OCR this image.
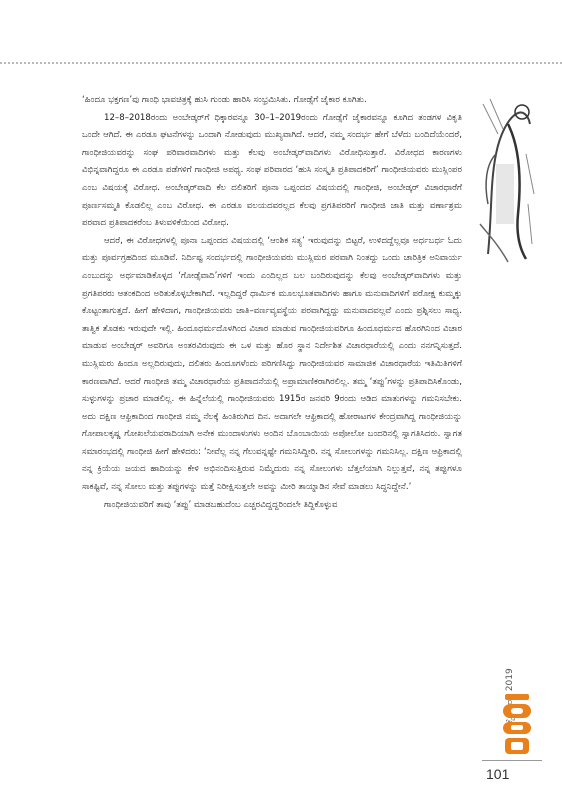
‘ಹಿಂದೂ ಭಕ್ತಗಣ’ವು ಗಾಂಧಿ ಭಾವಚಿತ್ರಕ್ಕೆ ಹುಸಿ ಗುಂಡು ಹಾರಿಸಿ ಸಂಭ್ರಮಿಸಿತು. ಗೋಡ್ಸೆಗೆ ಜೈಕಾರ ಕೂಗಿತು.

12–8–2018ರಂದು ಅಂಬೇಡ್ಕರ್‌ಗೆ ಧಿಕ್ಕಾರವನ್ನೂ 30–1–2019ರಂದು ಗೋಡ್ಸೆಗೆ ಜೈಕಾರವನ್ನೂ ಕೂಗಿದ ತಂಡಗಳ ವಿಕೃತಿ ಒಂದೇ ಆಗಿದೆ. ಈ ಎರಡೂ ಘಟನೆಗಳನ್ನು ಒಂದಾಗಿ ನೋಡುವುದು ಮುಖ್ಯವಾಗಿದೆ. ಆದರೆ, ನಮ್ಮ ಸಂದರ್ಭ ಹೇಗೆ ಬೆಳೆದು ಬಂದಿದೆಯೆಂದರೆ, ಗಾಂಧೀಜಿಯವರನ್ನು ಸಂಘ ಪರಿವಾರವಾದಿಗಳು ಮತ್ತು ಕೆಲವು ಅಂಬೇಡ್ಕರ್‌ವಾದಿಗಳು ವಿರೋಧಿಸುತ್ತಾರೆ. ವಿರೋಧದ ಕಾರಣಗಳು ವಿಭಿನ್ನವಾಗಿದ್ದರೂ ಈ ಎರಡೂ ಪಡೆಗಳಿಗೆ ಗಾಂಧೀಜಿ ಅಪಥ್ಯ. ಸಂಘ ಪರಿವಾರದ ‘ಹುಸಿ ಸಂಸ್ಕೃತಿ ಪ್ರತಿಪಾದಕರಿಗೆ’ ಗಾಂಧೀಜಿಯವರು ಮುಸ್ಲಿಂಪರ ಎಂಬ ವಿಷಯಕ್ಕೆ ವಿರೋಧ. ಅಂಬೇಡ್ಕರ್‌ವಾದಿ ಕೆಲ ದಲಿತರಿಗೆ ಪೂನಾ ಒಪ್ಪಂದದ ವಿಷಯದಲ್ಲಿ ಗಾಂಧೀಜಿ, ಅಂಬೇಡ್ಕರ್ ವಿಚಾರಧಾರೆಗೆ ಪೂರ್ಣಸಮ್ಮತಿ ಕೊಡಲಿಲ್ಲ ಎಂಬ ವಿರೋಧ. ಈ ಎರಡೂ ವಲಯದವರಲ್ಲದ ಕೆಲವು ಪ್ರಗತಿಪರರಿಗೆ ಗಾಂಧೀಜಿ ಜಾತಿ ಮತ್ತು ವರ್ಣಾಶ್ರಮ ಪರವಾದ ಪ್ರತಿಪಾದಕರೆಂಬ ತಿಳುವಳಿಕೆಯಿಂದ ವಿರೋಧ.

ಆದರೆ, ಈ ವಿರೋಧಗಳಲ್ಲಿ ಪೂನಾ ಒಪ್ಪಂದದ ವಿಷಯದಲ್ಲಿ ‘ಆಂಶಿಕ ಸತ್ಯ’ ಇರುವುದನ್ನು ಬಿಟ್ಟರೆ, ಉಳಿದದ್ದೆಲ್ಲವೂ ಅರ್ಧಬರ್ಧ ಓದು ಮತ್ತು ಪೂರ್ವಗ್ರಹದಿಂದ ಮೂಡಿವೆ. ನಿರ್ದಿಷ್ಟ ಸಂದರ್ಭದಲ್ಲಿ ಗಾಂಧೀಜಿಯವರು ಮುಸ್ಲಿಮರ ಪರವಾಗಿ ನಿಂತದ್ದು ಒಂದು ಚಾರಿತ್ರಿಕ ಅನಿವಾರ್ಯ ಎಂಬುದನ್ನು ಅರ್ಥಮಾಡಿಕೊಳ್ಳದ ‘ಗೋಡ್ಸೆವಾದಿ’ಗಳಿಗೆ ಇಂದು ಎಂದಿಲ್ಲದ ಬಲ ಬಂದಿರುವುದನ್ನು ಕೆಲವು ಅಂಬೇಡ್ಕರ್‌ವಾದಿಗಳು ಮತ್ತು ಪ್ರಗತಿಪರರು ಆತಂಕದಿಂದ ಅರಿತುಕೊಳ್ಳಬೇಕಾಗಿದೆ. ಇಲ್ಲದಿದ್ದರೆ ಧಾರ್ಮಿಕ ಮೂಲಭೂತವಾದಿಗಳು ಹಾಗೂ ಮನುವಾದಿಗಳಿಗೆ ಪರೋಕ್ಷ ಕುಮ್ಮಕ್ಕು ಕೊಟ್ಟಂತಾಗುತ್ತದೆ. ಹೀಗೆ ಹೇಳಿದಾಗ, ಗಾಂಧೀಜಿಯವರು ಜಾತಿ–ವರ್ಣವ್ಯವಸ್ಥೆಯ ಪರವಾಗಿದ್ದದ್ದು ಮನುವಾದವಲ್ಲವೆ ಎಂದು ಪ್ರಶ್ನಿಸಲು ಸಾಧ್ಯ. ತಾತ್ವಿಕ ತೊಡಕು ಇರುವುದೇ ಇಲ್ಲಿ. ಹಿಂದೂಧರ್ಮದೊಳಗಿಂದ ವಿಚಾರ ಮಾಡುವ ಗಾಂಧೀಜಿಯವರಿಗೂ ಹಿಂದೂಧರ್ಮದ ಹೊರಗಿನಿಂದ ವಿಚಾರ ಮಾಡುವ ಅಂಬೇಡ್ಕರ್ ಅವರಿಗೂ ಅಂತರವಿರುವುದು ಈ ಒಳ ಮತ್ತು ಹೊರ ಸ್ಥಾನ ನಿರ್ದೇಶಿತ ವಿಚಾರಧಾರೆಯಲ್ಲಿ ಎಂದು ನನಗನ್ನಿಸುತ್ತದೆ. ಮುಸ್ಲಿಮರು ಹಿಂದೂ ಅಲ್ಲದಿರುವುದು, ದಲಿತರು ಹಿಂದೂಗಳೆಂದು ಪರಿಗಣಿಸಿದ್ದು ಗಾಂಧೀಜಿಯವರ ಸಾಮಾಜಿಕ ವಿಚಾರಧಾರೆಯ ಇತಿಮಿತಿಗಳಿಗೆ ಕಾರಣವಾಗಿದೆ. ಆದರೆ ಗಾಂಧೀಜಿ ತಮ್ಮ ವಿಚಾರಧಾರೆಯ ಪ್ರತಿಪಾದನೆಯಲ್ಲಿ ಅಪ್ರಾಮಾಣಿಕರಾಗಿರಲಿಲ್ಲ. ತಮ್ಮ ‘ತಪ್ಪು’ಗಳನ್ನು ಪ್ರತಿಪಾದಿಸಿಕೊಂಡು, ಸುಳ್ಳುಗಳನ್ನು ಪ್ರಚಾರ ಮಾಡಲಿಲ್ಲ. ಈ ಹಿನ್ನೆಲೆಯಲ್ಲಿ ಗಾಂಧೀಜಿಯವರು 1915ರ ಜನವರಿ 9ರಂದು ಆಡಿದ ಮಾತುಗಳನ್ನು ಗಮನಿಸಬೇಕು. ಅದು ದಕ್ಷಿಣ ಆಫ್ರಿಕಾದಿಂದ ಗಾಂಧೀಜಿ ನಮ್ಮ ನೆಲಕ್ಕೆ ಹಿಂತಿರುಗಿದ ದಿನ. ಅದಾಗಲೇ ಆಫ್ರಿಕಾದಲ್ಲಿ ಹೋರಾಟಗಳ ಕೇಂದ್ರವಾಗಿದ್ದ ಗಾಂಧೀಜಿಯನ್ನು ಗೋಪಾಲಕೃಷ್ಣ ಗೋಖಲೆಯವರಾದಿಯಾಗಿ ಅನೇಕ ಮುಂದಾಳುಗಳು ಅಂದಿನ ಬೊಂಬಾಯಿಯ ಅಪೋಲೋ ಬಂದರಿನಲ್ಲಿ ಸ್ವಾಗತಿಸಿದರು. ಸ್ವಾಗತ ಸಮಾರಂಭದಲ್ಲಿ ಗಾಂಧೀಜಿ ಹೀಗೆ ಹೇಳಿದರು: ‘ನೀವೆಲ್ಲ ನನ್ನ ಗೆಲುವನ್ನಷ್ಟೇ ಗಮನಿಸಿದ್ದೀರಿ. ನನ್ನ ಸೋಲುಗಳನ್ನು ಗಮನಿಸಿಲ್ಲ. ದಕ್ಷಿಣ ಆಫ್ರಿಕಾದಲ್ಲಿ ನನ್ನ ಕ್ರಿಯೆಯ ಜಯದ ಹಾದಿಯನ್ನು ಕೇಳಿ ಅಭಿನಂದಿಸುತ್ತಿರುವ ನಿಮ್ಮೆದುರು ನನ್ನ ಸೋಲುಗಳು ಬೆತ್ತಲೆಯಾಗಿ ನಿಲ್ಲುತ್ತವೆ, ನನ್ನ ತಪ್ಪುಗಳೂ ಸಾಕಷ್ಟಿವೆ, ನನ್ನ ಸೋಲು ಮತ್ತು ತಪ್ಪುಗಳನ್ನು ಮತ್ತೆ ನಿರೀಕ್ಷಿಸುತ್ತಲೇ ಅವನ್ನು ಮೀರಿ ತಾಯ್ನಾಡಿನ ಸೇವೆ ಮಾಡಲು ಸಿದ್ಧನಿದ್ದೇನೆ.’

ಗಾಂಧೀಜಿಯವರಿಗೆ ತಾವು ‘ತಪ್ಪು’ ಮಾಡಬಹುದೆಂಬ ಎಚ್ಚರವಿದ್ದದ್ದರಿಂದಲೇ ತಿದ್ದಿಕೊಳ್ಳುವ

101
